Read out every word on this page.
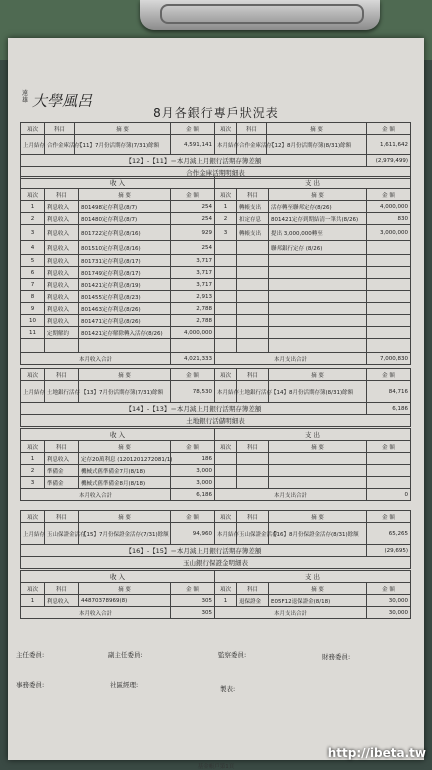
遠雄 大學風呂
8月各銀行專戶狀況表
項次	科目	摘 要	金 額	項次	科目	摘 要	金 額
上月結存	合作金庫活存	【11】7月份活期存簿(7/31)餘額	4,591,141	本月結存	合作金庫活存	【12】8月份活期存簿(8/31)餘額	1,611,642
【12】-【11】＝本月減上月銀行活期存簿差額							(2,979,499)
合作金庫活期明細表							
收 入				支 出			
項次	科目	摘 要	金 額	項次	科目	摘 要	金 額
1	利息收入	801498定存利息(8/7)	254	1	轉帳支出	活存轉至聯邦定存(8/26)	4,000,000
2	利息收入	801480定存利息(8/7)	254	2	扣定存息	801421定存到期結清一筆共(8/26)	830
3	利息收入	801722定存利息(8/16)	929	3	轉帳支出	提出 3,000,000轉至	3,000,000
4	利息收入	801510定存利息(8/16)	254			聯邦銀行定存 (8/26)	
5	利息收入	801731定存利息(8/17)	3,717				
6	利息收入	801749定存利息(8/17)	3,717				
7	利息收入	801421定存利息(8/19)	3,717				
8	利息收入	801455定存利息(8/23)	2,913				
9	利息收入	801463定存利息(8/26)	2,788				
10	利息收入	801471定存利息(8/26)	2,788				
11	定期解約	801421定存解除轉入活存(8/26)	4,000,000				

本月收入合計			4,021,333	本月支出合計			7,000,830
項次	科目	摘 要	金 額	項次	科目	摘 要	金 額
上月結存	土地銀行活存	【13】7月份活期存簿(7/31)餘額	78,530	本月結存	土地銀行活存	【14】8月份活期存簿(8/31)餘額	84,716
【14】-【13】＝本月減上月銀行活期存簿差額							6,186
土地銀行活儲明細表							
收 入				支 出			
項次	科目	摘 要	金 額	項次	科目	摘 要	金 額
1	利息收入	定存20萬利息 (1201201272081/1)	186				
2	準備金	機械式舊準備金7月(8/18)	3,000				
3	準備金	機械式舊準備金8月(8/18)	3,000				
本月收入合計			6,186	本月支出合計			0
項次	科目	摘 要	金 額	項次	科目	摘 要	金 額
上月結存	玉山保證金活存	【15】7月份保證金活存(7/31)餘額	94,960	本月結存	玉山保證金活存	【16】8月份保證金活存(8/31)餘額	65,265
【16】-【15】＝本月減上月銀行活期存簿差額							(29,695)
玉山銀行保證金明細表							
收 入				支 出			
項次	科目	摘 要	金 額	項次	科目	摘 要	金 額
1	利息收入	44870378969(8)	305	1	退保證金	E05F12退保證金(8/18)	30,000
本月收入合計			305	本月支出合計			30,000
主任委員:	副主任委員:	監察委員:	財務委員:
事務委員:	社區經理:	製表:
基金帳戶第1頁
http://ibeta.tw
